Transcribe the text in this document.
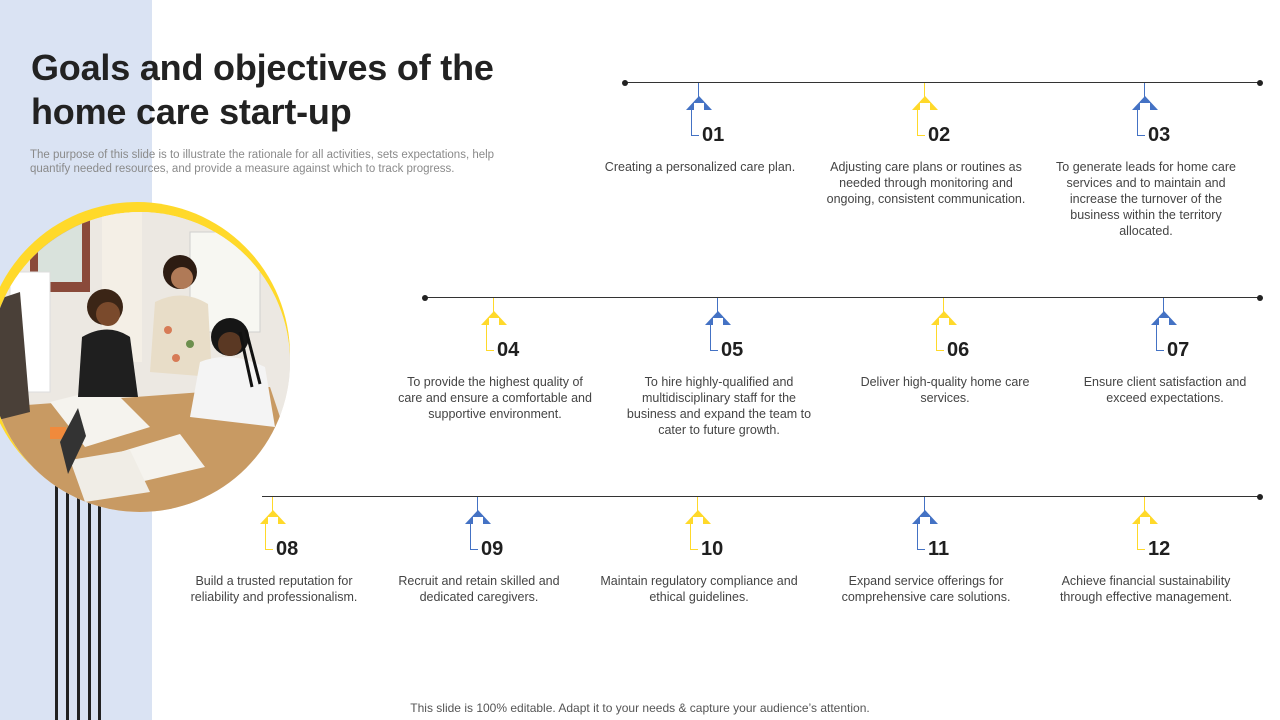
Goals and objectives of the home care start-up

The purpose of this slide is to illustrate the rationale for all activities, sets expectations, help quantify needed resources, and provide a measure against which to track progress.

01
Creating a personalized care plan.
02
Adjusting care plans or routines as needed through monitoring and ongoing, consistent communication.
03
To generate leads for home care services and to maintain and increase the turnover of the business within the territory allocated.
04
To provide the highest quality of care and ensure a comfortable and supportive environment.
05
To hire highly-qualified and multidisciplinary staff for the business and expand the team to cater to future growth.
06
Deliver high-quality home care services.
07
Ensure client satisfaction and exceed expectations.
08
Build a trusted reputation for reliability and professionalism.
09
Recruit and retain skilled and dedicated caregivers.
10
Maintain regulatory compliance and ethical guidelines.
11
Expand service offerings for comprehensive care solutions.
12
Achieve financial sustainability through effective management.
This slide is 100% editable. Adapt it to your needs & capture your audience’s attention.
